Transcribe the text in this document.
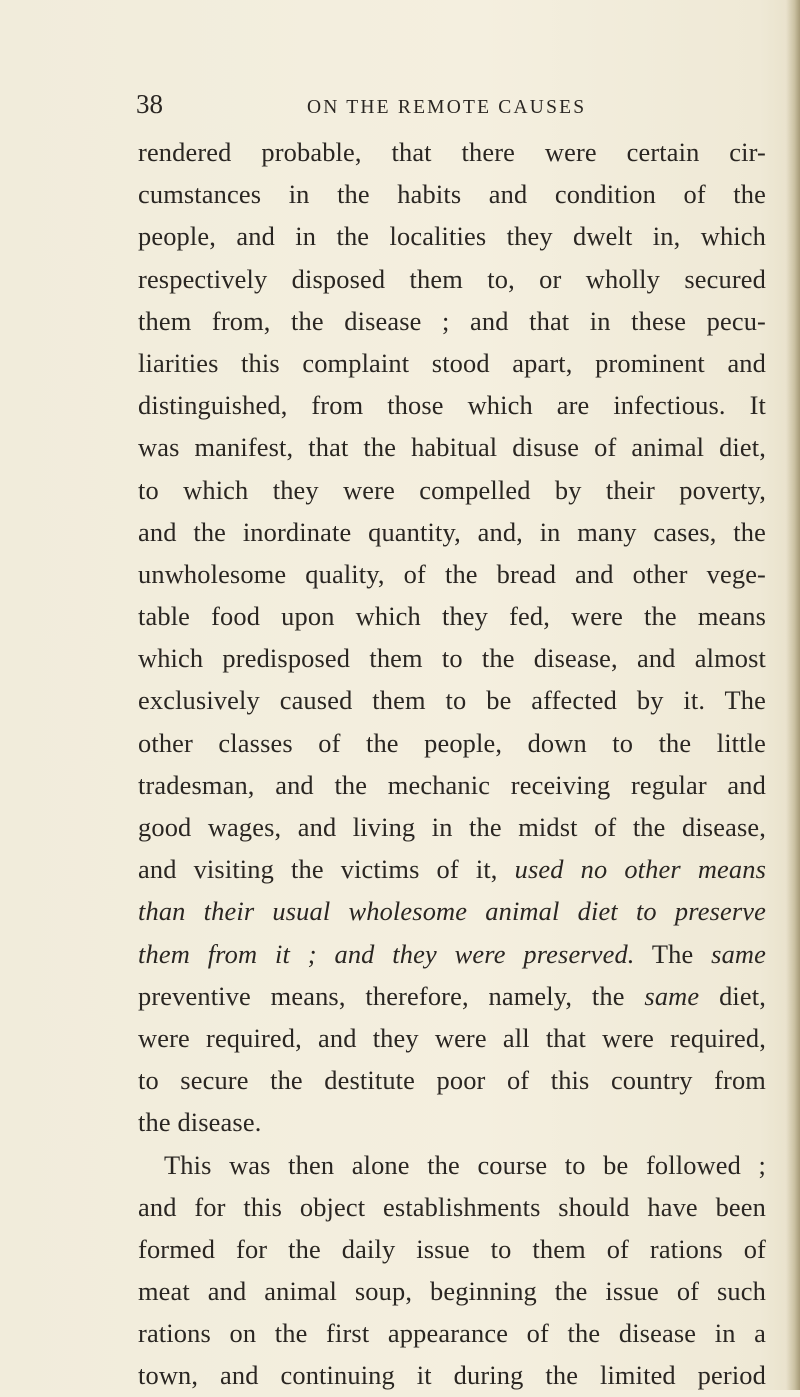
38	ON THE REMOTE CAUSES
rendered probable, that there were certain cir-
cumstances in the habits and condition of the
people, and in the localities they dwelt in, which
respectively disposed them to, or wholly secured
them from, the disease ; and that in these pecu-
liarities this complaint stood apart, prominent and
distinguished, from those which are infectious. It
was manifest, that the habitual disuse of animal diet,
to which they were compelled by their poverty,
and the inordinate quantity, and, in many cases, the
unwholesome quality, of the bread and other vege-
table food upon which they fed, were the means
which predisposed them to the disease, and almost
exclusively caused them to be affected by it. The
other classes of the people, down to the little
tradesman, and the mechanic receiving regular and
good wages, and living in the midst of the disease,
and visiting the victims of it, used no other means
than their usual wholesome animal diet to preserve
them from it ; and they were preserved. The same
preventive means, therefore, namely, the same diet,
were required, and they were all that were required,
to secure the destitute poor of this country from
the disease.
This was then alone the course to be followed ;
and for this object establishments should have been
formed for the daily issue to them of rations of
meat and animal soup, beginning the issue of such
rations on the first appearance of the disease in a
town, and continuing it during the limited period
